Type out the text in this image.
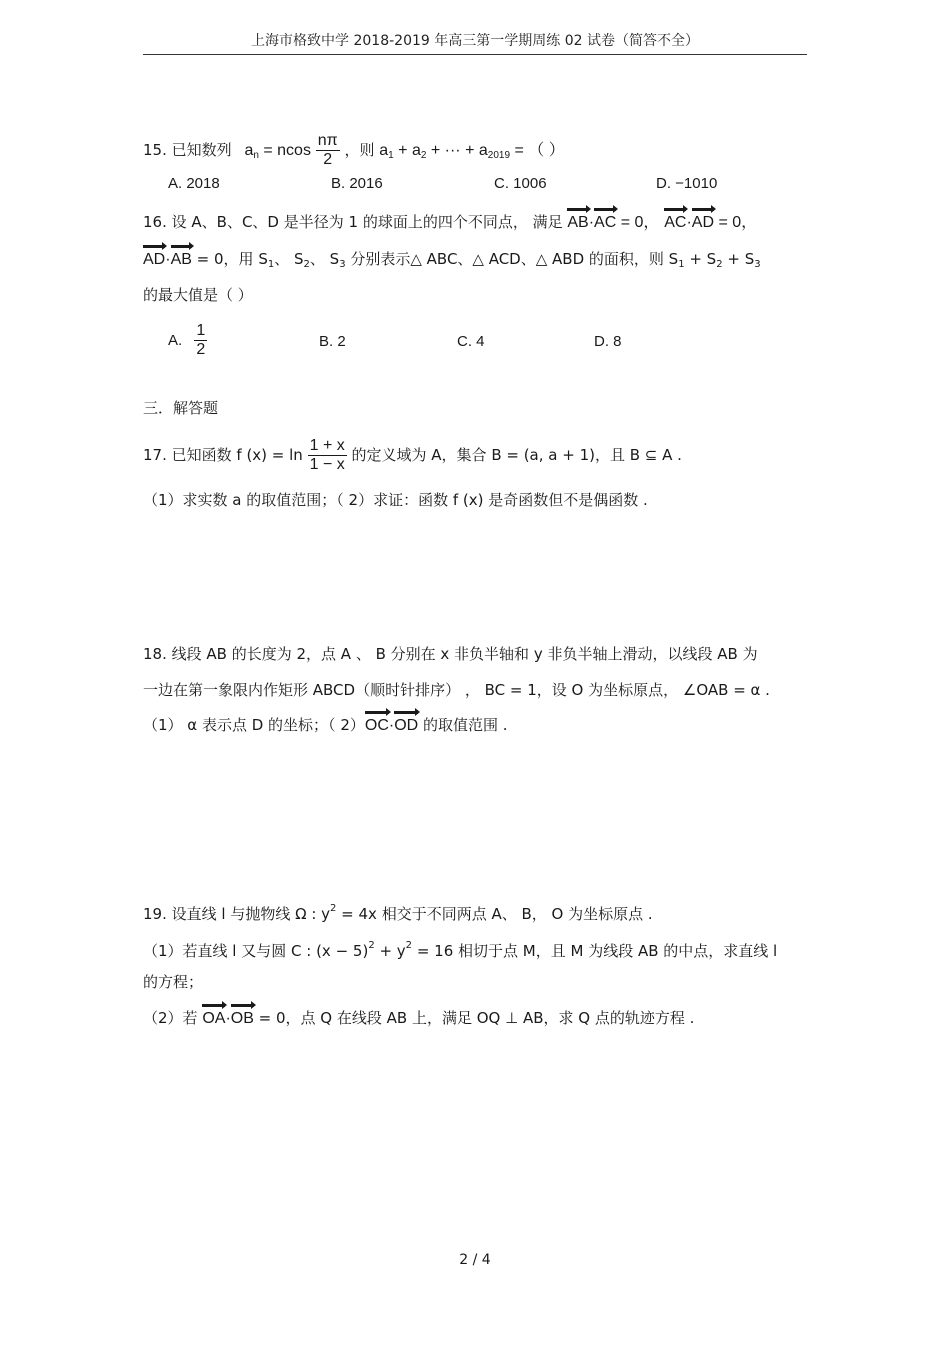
上海市格致中学 2018-2019 年高三第一学期周练 02 试卷（简答不全）
15. 已知数列 $a_n = ncos \frac{n\pi}{2}$ ，则 $a_1 + a_2$ + ··· + $a_{2019}$ = （ ）
A. 2018	B. 2016	C. 1006	D. −1010
16. 设 A、B、C、D 是半径为 1 的球面上的四个不同点， 满足 AB·AC = 0， AC·AD = 0，
AD·AB = 0，用 $S_1$、 $S_2$、 $S_3$ 分别表示△ ABC、△ ACD、△ ABD 的面积，则 $S_1 + S_2 + S_3$
的最大值是（ ）
A. $\frac{1}{2}$	B. 2	C. 4	D. 8
三．解答题
17. 已知函数 f $(x) = \ln \frac{1 + x}{1 - x}$ 的定义域为 A，集合 B = (a, a + 1)，且 B ⊆ A .
（1）求实数 a 的取值范围；（ 2）求证：函数 f (x) 是奇函数但不是偶函数 .
18. 线段 AB 的长度为 2，点 A 、 B 分别在 x 非负半轴和 y 非负半轴上滑动，以线段 AB 为
一边在第一象限内作矩形 ABCD（顺时针排序） ， BC = 1，设 O 为坐标原点， ∠OAB = α .
（1） α 表示点 D 的坐标；（ 2）OC·OD 的取值范围 .
19. 设直线 l 与抛物线 Ω : $y^2 = 4x$ 相交于不同两点 A、 B， O 为坐标原点 .
（1）若直线 l 又与圆 C : $(x - 5)^2 + y^2 = 16$ 相切于点 M，且 M 为线段 AB 的中点，求直线 l
的方程；
（2）若 OA·OB = 0，点 Q 在线段 AB 上，满足 OQ ⊥ AB，求 Q 点的轨迹方程 .
2 / 4
